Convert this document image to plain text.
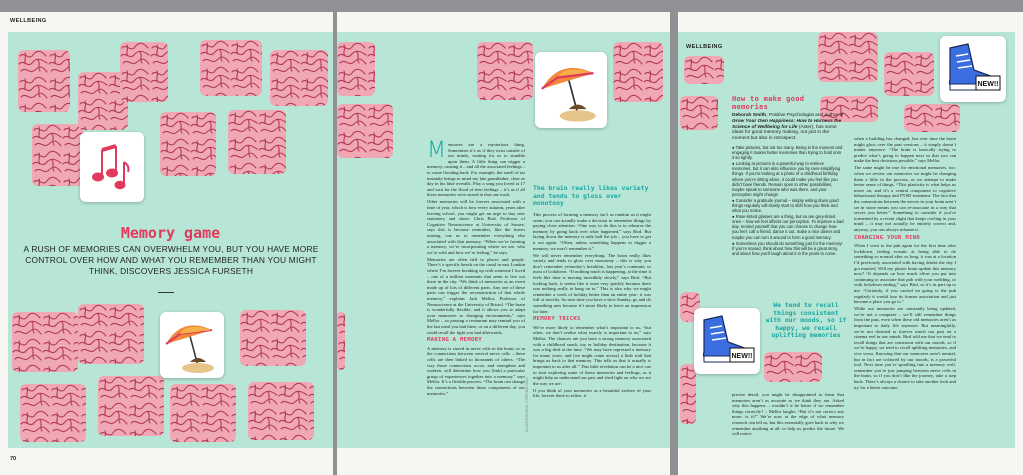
WELLBEING
Memory game
A RUSH OF MEMORIES CAN OVERWHELM YOU, BUT YOU HAVE MORE CONTROL OVER HOW AND WHAT YOU REMEMBER THAN YOU MIGHT THINK, DISCOVERS JESSICA FURSETH
70

Memories are a mysterious thing. Sometimes it’s as if they exist outside of our minds, waiting for us to stumble upon them. A little thing can trigger a memory, causing it – and all the associated feelings – to come flooding back. For example, the smell of tar instantly brings to mind my late grandfather, clear as day in his blue overalls. Play a song you loved at 17 and wait for the flood of teen feelings – it’s as if all those memories were stored in that one track.

Other memories will be forever associated with a time of year, which is how every autumn, years after leaving school, you might get an urge to buy new stationery and shoes. Chris Bird, Professor of Cognitive Neuroscience at University of Sussex, says this is because reminders, like the leaves turning, cue us to remember everything else associated with that memory. “When we’re forming a memory, we’re incorporating where we are, who we’re with and how we’re feeling,” he says.

Memories are often tied to places and people. There’s a specific bench on the canal in east London where I’m forever breaking up with someone I loved – one of a million moments that seem to live out there in the city. “We think of memories as an event made up of lots of different parts. Any one of these parts can trigger the reconstruction of that whole memory,” explains Jack Mellor, Professor of Neuroscience at the University of Bristol. “The brain is wonderfully flexible, and it allows you to adapt your memories to changing environments,” says Mellor – so passing a restaurant may remind you of the last meal you had there, or on a different day, you could recall the fight you had afterwards.

MAKING A MEMORY

A memory is stored in nerve cells in the brain, or in the connections between several nerve cells – these cells are then linked to thousands of others. “The way those connections occur, and strengthen and weaken, will determine how you [link] a particular group of experiences together into a memory,” says Mellor. It’s a flexible process. “The brain can change the connections between those components of our memories.”

The brain really likes variety and tends to gloss over monotony

This process of forming a memory isn’t as random as it might seem; you can actually make a decision to remember things by paying close attention. “One way to do this is to rehearse the memory by going back over what happened,” says Bird. But laying down the memory is only half the job – you have to get it out again. “Often, unless something happens to trigger a memory, we won’t remember it.”

We will never remember everything. The brain really likes variety and tends to gloss over monotony – this is why you don’t remember yesterday’s breakfast, last year’s commute, or most of lockdown. “If nothing much is happening, at the time it feels like time is moving incredibly slowly,” says Bird. “But looking back, it seems like it went very quickly because there was nothing really to hang on to.” This is also why we might remember a week of holiday better than an entire year: it was full of novelty. So next time you have a slow Sunday, go and do something new because it’s more likely to leave an impression for later.

MEMORY TRICKS

We’re more likely to remember what’s important to us, “but often, we don’t realise what exactly is important to us,” says Mellor. The chances are you have a strong memory associated with a childhood snack, toy or holiday destination, because it was a big deal at the time. “We may have repressed a memory for many years, and [we might come across] a little trail that brings us back to that memory. This tells us that it actually is important to us after all.” This little revelation can be a nice cue to start exploring some of those memories and feelings, as it might help us understand our past and shed light on why we are the way we are.

If you think of your memories as a beautiful archive of your life, forever there to relive, it

ILLUSTRATIONS: STEPHEN HALL
WELLBEING
NEW!!
NEW!!
How to make good memories
Deborah Smith, Positive Psychologist and author of Grow Your Own Happiness: How to Harness the Science of Wellbeing for Life (Aster), has some ideas for good memory making, not just in the moment but also in retrospect.
● Take pictures, but not too many. Being in the moment and engaging it makes better memories than trying to hold onto it so tightly.
● Looking at pictures is a powerful way to retrieve memories, but it can also influence you by over-simplifying things. If you’re looking at a photo of a childhood birthday where you’re sitting alone, it could make you feel like you didn’t have friends. Remain open to other possibilities, maybe speak to someone who was there, and your perception might change.
● Consider a gratitude journal – simply writing down good things regularly will slowly start to shift how you think and what you notice.
● Rose-tinted glasses are a thing, but so are grey-tinted ones – how we feel affects our perception. To improve a bad day, remind yourself that you can choose to change how you feel: call a friend, dance it out, make a nice dinner and maybe you can turn it around to form a good memory.
● Sometimes you should do something just for the memory! If you’re scared, think about how this will be a great story, and about how you’ll laugh about it in the years to come.
We tend to recall things consistent with our moods, so if happy, we recall uplifting memories

precise detail, you might be disappointed to learn that memories aren’t as accurate as we think they are. Asked why this happens – wouldn’t it be better if we remember things correctly? – Mellor laughs: “But it’s not correct any more, is it?” We’re now at the edge of what memory research can tell us, but this essentially goes back to why we remember anything at all: to help us predict the future. We will notice

when a building has changed, but over time the brain might gloss over the past versions – it simply doesn’t matter anymore. “The brain is basically trying to predict what’s going to happen next so that you can make the best decisions possible,” says Mellor.

The same might be true for emotional memories, too: when we review our memories we might be changing them a little in the process, as we attempt to make better sense of things. “This plasticity is what helps us move on, and it’s a central component to cognitive behavioural therapy and PTSD treatment. The fact that the connections between the nerves in your brain aren’t set in stone means you can re-associate in a way that serves you better.” Something to consider if you’re tormented by a recent slight that keeps circling in your mind – it may not actually be entirely correct and, anyway, you can always reframe it.

CHANGING YOUR MIND

When I went to the pub again for the first time after lockdown, feeling ecstatic at being able to do something so normal after so long, it was at a location I’d previously associated with having drinks the day I got married. Will my plastic brain update this memory now? “It depends on how much effort you put into continuing to associate that pub with your wedding, or with lockdown ending,” says Bird, so it’s in part up to me. “Certainly, if you carried on going to the pub regularly it would lose its former association and just become a place you go to.”

While our memories are constantly being updated, we’re not a computer – we’ll still remember things from the past, even when these old memories aren’t as important to daily life anymore. But meaningfully, we’re not doomed to forever watch our past on a cinema reel in our minds. Bird told me that we tend to recall things that are consistent with our moods, so if we’re happy, we tend to recall uplifting memories, and vice versa. Knowing that our memories aren’t neutral, but in fact are coloured by our moods, is a powerful tool. Next time you’re spiralling into a memory well, remember you’re just jumping between nerve cells in the brain, so if you don’t like the journey, take a step back. There’s always a chance to take another look and try for a better outcome.
